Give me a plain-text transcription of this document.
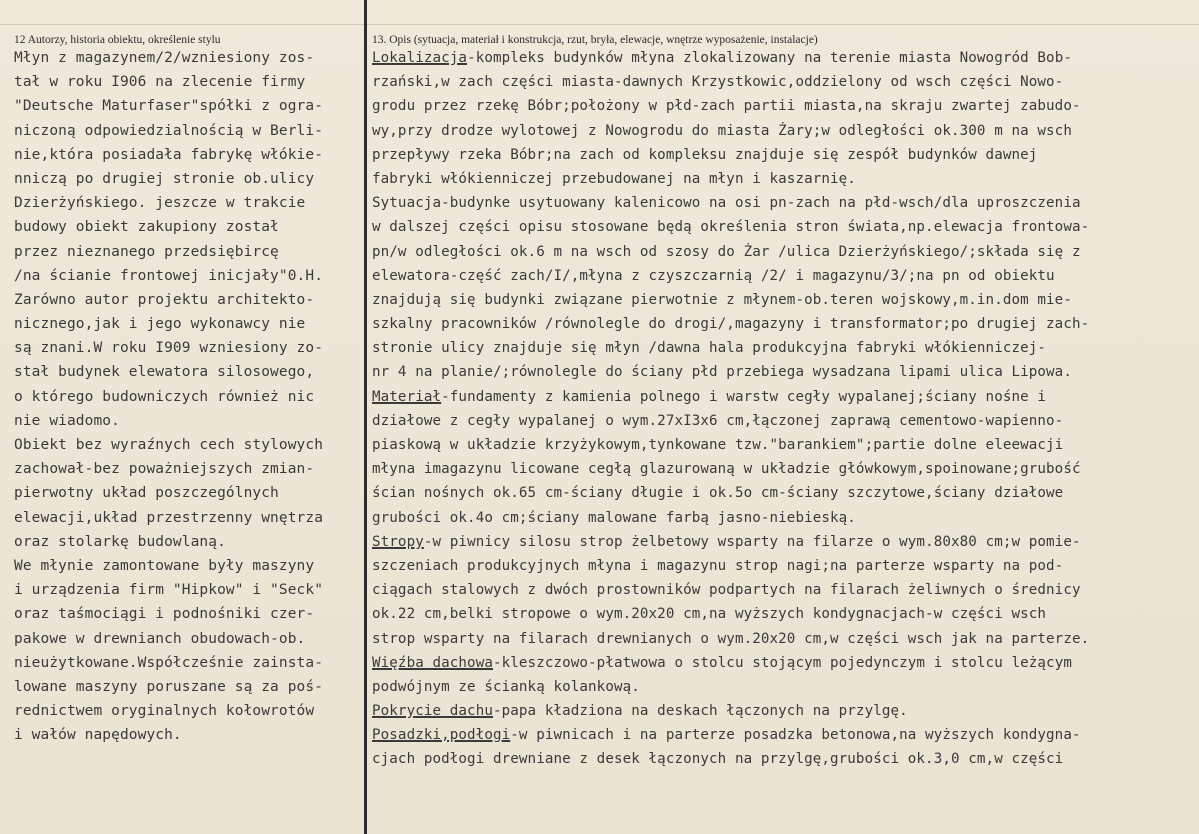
12 Autorzy, historia obiektu, określenie stylu	13. Opis (sytuacja, materiał i konstrukcja, rzut, bryła, elewacje, wnętrze wyposażenie, instalacje)
Młyn z magazynem/2/wzniesiony zos-
tał w roku I906 na zlecenie firmy
"Deutsche Maturfaser"spółki z ogra-
niczoną odpowiedzialnością w Berli-
nie,która posiadała fabrykę włókie-
nniczą po drugiej stronie ob.ulicy
Dzierżyńskiego. jeszcze w trakcie
budowy obiekt zakupiony został
przez nieznanego przedsiębircę
/na ścianie frontowej inicjały"0.H.
Zarówno autor projektu architekto-
nicznego,jak i jego wykonawcy nie
są znani.W roku I909 wzniesiony zo-
stał budynek elewatora silosowego,
o którego budowniczych również nic
nie wiadomo.
Obiekt bez wyraźnych cech stylowych
zachował-bez poważniejszych zmian-
pierwotny układ poszczególnych
elewacji,układ przestrzenny wnętrza
oraz stolarkę budowlaną.
We młynie zamontowane były maszyny
i urządzenia firm "Hipkow" i "Seck"
oraz taśmociągi i podnośniki czer-
pakowe w drewnianch obudowach-ob.
nieużytkowane.Współcześnie zainsta-
lowane maszyny poruszane są za poś-
rednictwem oryginalnych kołowrotów
i wałów napędowych.
Lokalizacja-kompleks budynków młyna zlokalizowany na terenie miasta Nowogród Bob-
rzański,w zach części miasta-dawnych Krzystkowic,oddzielony od wsch części Nowo-
grodu przez rzekę Bóbr;położony w płd-zach partii miasta,na skraju zwartej zabudo-
wy,przy drodze wylotowej z Nowogrodu do miasta Żary;w odległości ok.300 m na wsch
przepływy rzeka Bóbr;na zach od kompleksu znajduje się zespół budynków dawnej
fabryki włókienniczej przebudowanej na młyn i kaszarnię.
Sytuacja-budynke usytuowany kalenicowo na osi pn-zach na płd-wsch/dla uproszczenia
w dalszej części opisu stosowane będą określenia stron świata,np.elewacja frontowa-
pn/w odległości ok.6 m na wsch od szosy do Żar /ulica Dzierżyńskiego/;składa się z
elewatora-część zach/I/,młyna z czyszczarnią /2/ i magazynu/3/;na pn od obiektu
znajdują się budynki związane pierwotnie z młynem-ob.teren wojskowy,m.in.dom mie-
szkalny pracowników /równolegle do drogi/,magazyny i transformator;po drugiej zach-
stronie ulicy znajduje się młyn /dawna hala produkcyjna fabryki włókienniczej-
nr 4 na planie/;równolegle do ściany płd przebiega wysadzana lipami ulica Lipowa.
Materiał-fundamenty z kamienia polnego i warstw cegły wypalanej;ściany nośne i
działowe z cegły wypalanej o wym.27xI3x6 cm,łączonej zaprawą cementowo-wapienno-
piaskową w układzie krzyżykowym,tynkowane tzw."barankiem";partie dolne eleewacji
młyna imagazynu licowane cegłą glazurowaną w układzie główkowym,spoinowane;grubość
ścian nośnych ok.65 cm-ściany długie i ok.5o cm-ściany szczytowe,ściany działowe
grubości ok.4o cm;ściany malowane farbą jasno-niebieską.
Stropy-w piwnicy silosu strop żelbetowy wsparty na filarze o wym.80x80 cm;w pomie-
szczeniach produkcyjnych młyna i magazynu strop nagi;na parterze wsparty na pod-
ciągach stalowych z dwóch prostowników podpartych na filarach żeliwnych o średnicy
ok.22 cm,belki stropowe o wym.20x20 cm,na wyższych kondygnacjach-w części wsch
strop wsparty na filarach drewnianych o wym.20x20 cm,w części wsch jak na parterze.
Więźba dachowa-kleszczowo-płatwowa o stolcu stojącym pojedynczym i stolcu leżącym
podwójnym ze ścianką kolankową.
Pokrycie dachu-papa kładziona na deskach łączonych na przylgę.
Posadzki,podłogi-w piwnicach i na parterze posadzka betonowa,na wyższych kondygna-
cjach podłogi drewniane z desek łączonych na przylgę,grubości ok.3,0 cm,w części
